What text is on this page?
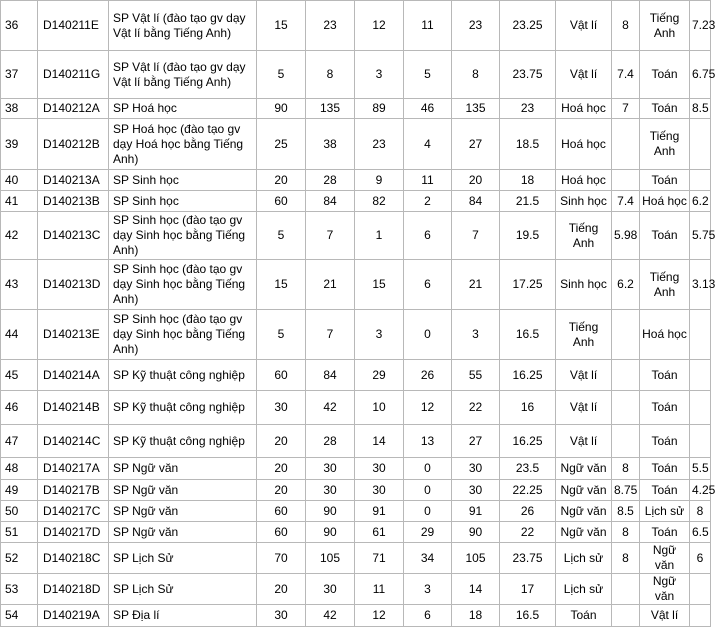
36	D140211E	SP Vật lí (đào tạo gv dạy Vật lí bằng Tiếng Anh)	15	23	12	11	23	23.25	Vật lí	8	Tiếng Anh	7.23
37	D140211G	SP Vật lí (đào tạo gv dạy Vật lí bằng Tiếng Anh)	5	8	3	5	8	23.75	Vật lí	7.4	Toán	6.75
38	D140212A	SP Hoá học	90	135	89	46	135	23	Hoá học	7	Toán	8.5
39	D140212B	SP Hoá học (đào tạo gv dạy Hoá học bằng Tiếng Anh)	25	38	23	4	27	18.5	Hoá học		Tiếng Anh	
40	D140213A	SP Sinh học	20	28	9	11	20	18	Hoá học		Toán	
41	D140213B	SP Sinh học	60	84	82	2	84	21.5	Sinh học	7.4	Hoá học	6.2
42	D140213C	SP Sinh học (đào tạo gv dạy Sinh học bằng Tiếng Anh)	5	7	1	6	7	19.5	Tiếng Anh	5.98	Toán	5.75
43	D140213D	SP Sinh học (đào tạo gv dạy Sinh học bằng Tiếng Anh)	15	21	15	6	21	17.25	Sinh học	6.2	Tiếng Anh	3.13
44	D140213E	SP Sinh học (đào tạo gv dạy Sinh học bằng Tiếng Anh)	5	7	3	0	3	16.5	Tiếng Anh		Hoá học	
45	D140214A	SP Kỹ thuật công nghiệp	60	84	29	26	55	16.25	Vật lí		Toán	
46	D140214B	SP Kỹ thuật công nghiệp	30	42	10	12	22	16	Vật lí		Toán	
47	D140214C	SP Kỹ thuật công nghiệp	20	28	14	13	27	16.25	Vật lí		Toán	
48	D140217A	SP Ngữ văn	20	30	30	0	30	23.5	Ngữ văn	8	Toán	5.5
49	D140217B	SP Ngữ văn	20	30	30	0	30	22.25	Ngữ văn	8.75	Toán	4.25
50	D140217C	SP Ngữ văn	60	90	91	0	91	26	Ngữ văn	8.5	Lịch sử	8
51	D140217D	SP Ngữ văn	60	90	61	29	90	22	Ngữ văn	8	Toán	6.5
52	D140218C	SP Lịch Sử	70	105	71	34	105	23.75	Lịch sử	8	Ngữ văn	6
53	D140218D	SP Lịch Sử	20	30	11	3	14	17	Lịch sử		Ngữ văn	
54	D140219A	SP Địa lí	30	42	12	6	18	16.5	Toán		Vật lí	
